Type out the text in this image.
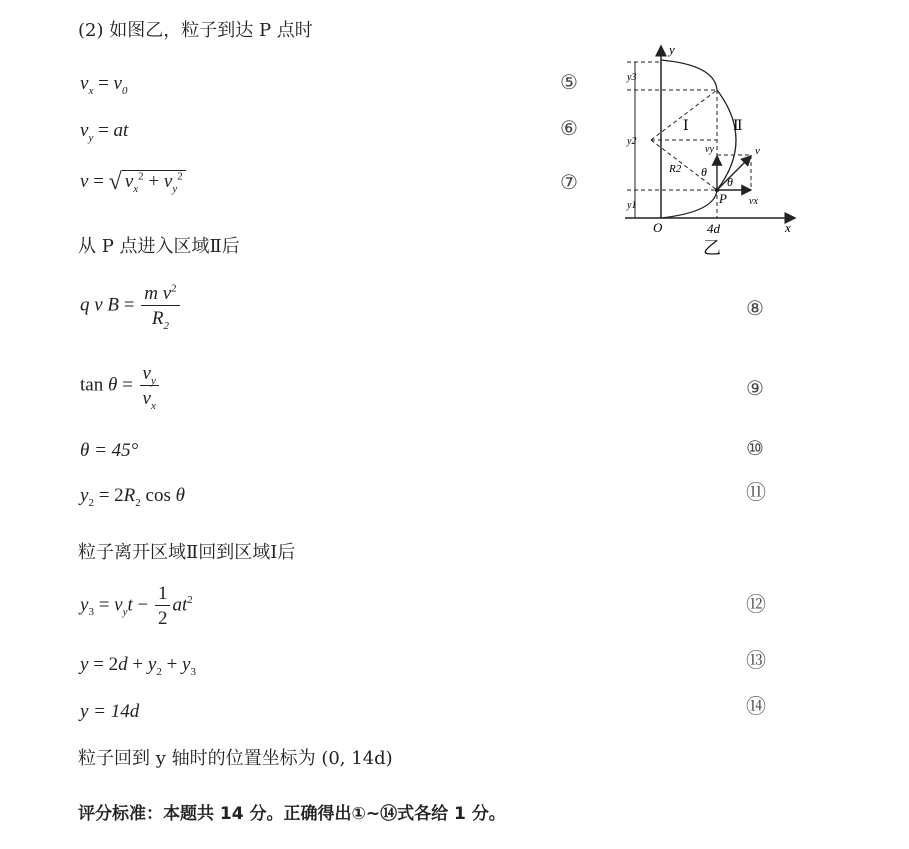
(2) 如图乙，粒子到达 P 点时
$v_x = v_0$	⑤
$v_y$ = at	⑥
v = √ $v_x^2 + v_y^2$	⑦
从 P 点进入区域Ⅱ后
q v $B = \frac{m v^2}{R_2}$	⑧
$\tan \theta = \frac{v_y}{v_x}$	⑨
θ = 45°	⑩
$y_2 = 2R_2$ cos θ	⑪
粒子离开区域Ⅱ回到区域Ⅰ后
$y_3 = v_yt - \frac{1}{2} at^2$	⑫
$y = 2d + y_2 + y_3$	⑬
y = 14d	⑭
粒子回到 y 轴时的位置坐标为 (0, 14d)
评分标准：本题共 14 分。正确得出①~⑭式各给 1 分。
y
x
O	4d
P
y3
y2
y1
Ⅰ	Ⅱ
R2 θ
θ
v
vx
vy
乙
